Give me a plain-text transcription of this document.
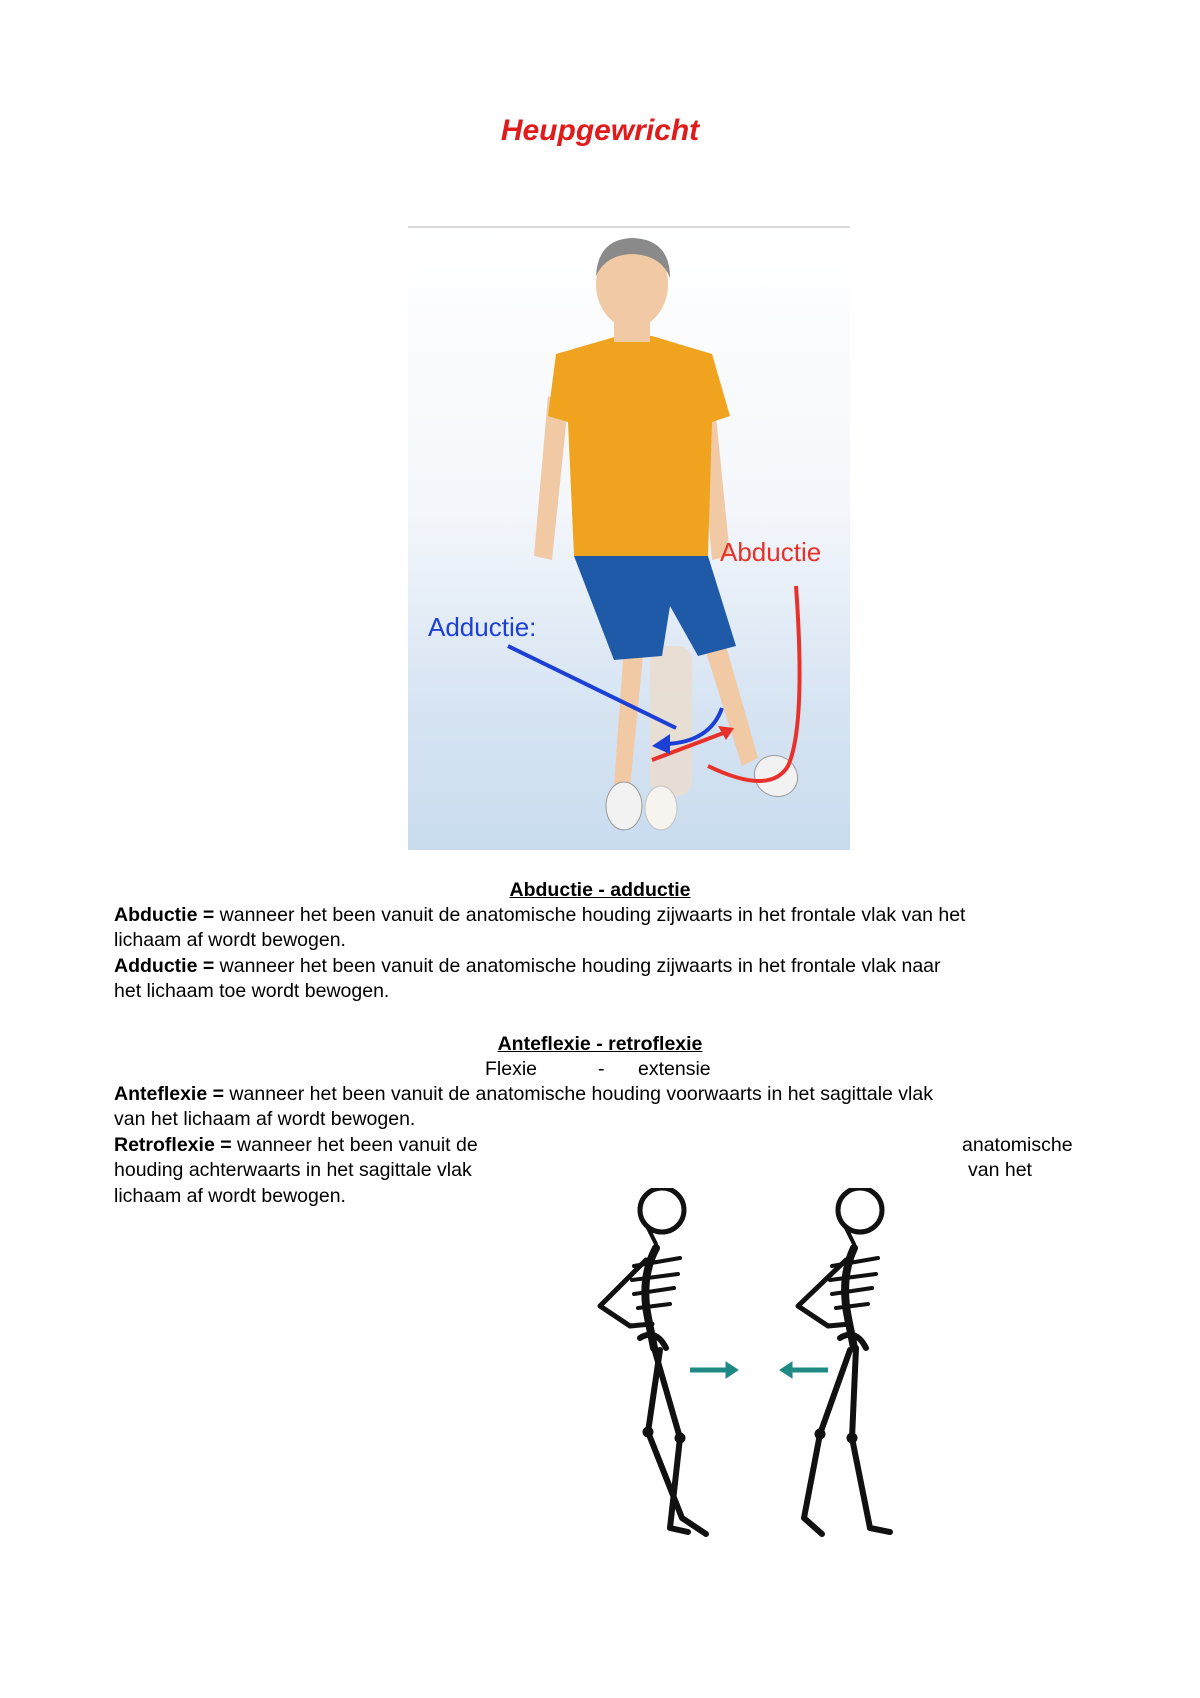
Heupgewricht
Abductie
Adductie:
Abductie - adductie
Abductie = wanneer het been vanuit de anatomische houding zijwaarts in het frontale vlak van het
lichaam af wordt bewogen.
Adductie = wanneer het been vanuit de anatomische houding zijwaarts in het frontale vlak naar
het lichaam toe wordt bewogen.
Anteflexie - retroflexie
Flexie	- extensie
Anteflexie = wanneer het been vanuit de anatomische houding voorwaarts in het sagittale vlak
van het lichaam af wordt bewogen.
Retroflexie = wanneer het been vanuit de	anatomische
houding achterwaarts in het sagittale vlak	van het
lichaam af wordt bewogen.
